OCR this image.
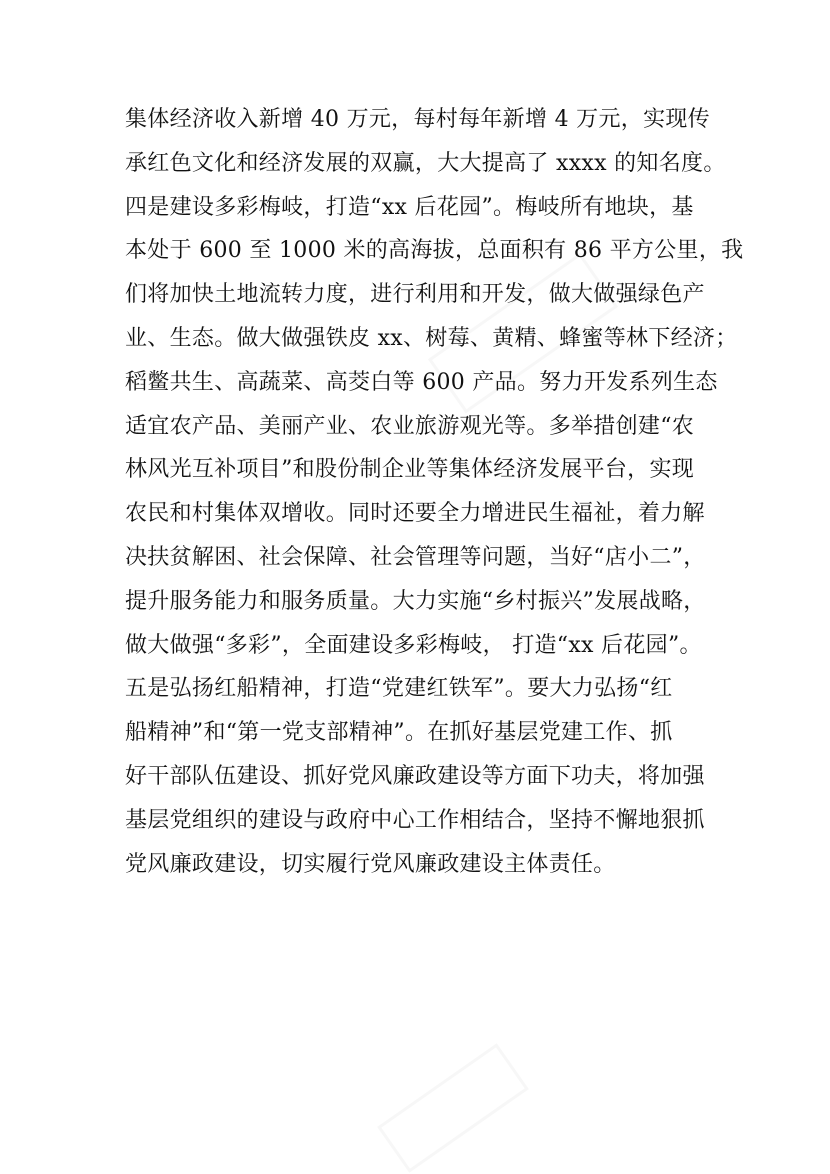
集体经济收入新增 40 万元，每村每年新增 4 万元，实现传
承红色文化和经济发展的双赢，大大提高了 xxxx 的知名度。
四是建设多彩梅岐，打造“xx 后花园”。梅岐所有地块，基
本处于 600 至 1000 米的高海拔，总面积有 86 平方公里，我
们将加快土地流转力度，进行利用和开发，做大做强绿色产
业、生态。做大做强铁皮 xx、树莓、黄精、蜂蜜等林下经济；
稻鳖共生、高蔬菜、高茭白等 600 产品。努力开发系列生态
适宜农产品、美丽产业、农业旅游观光等。多举措创建“农
林风光互补项目”和股份制企业等集体经济发展平台，实现
农民和村集体双增收。同时还要全力增进民生福祉，着力解
决扶贫解困、社会保障、社会管理等问题，当好“店小二”，
提升服务能力和服务质量。大力实施“乡村振兴”发展战略，
做大做强“多彩”，全面建设多彩梅岐， 打造“xx 后花园”。
五是弘扬红船精神，打造“党建红铁军”。要大力弘扬“红
船精神”和“第一党支部精神”。在抓好基层党建工作、抓
好干部队伍建设、抓好党风廉政建设等方面下功夫，将加强
基层党组织的建设与政府中心工作相结合，坚持不懈地狠抓
党风廉政建设，切实履行党风廉政建设主体责任。
